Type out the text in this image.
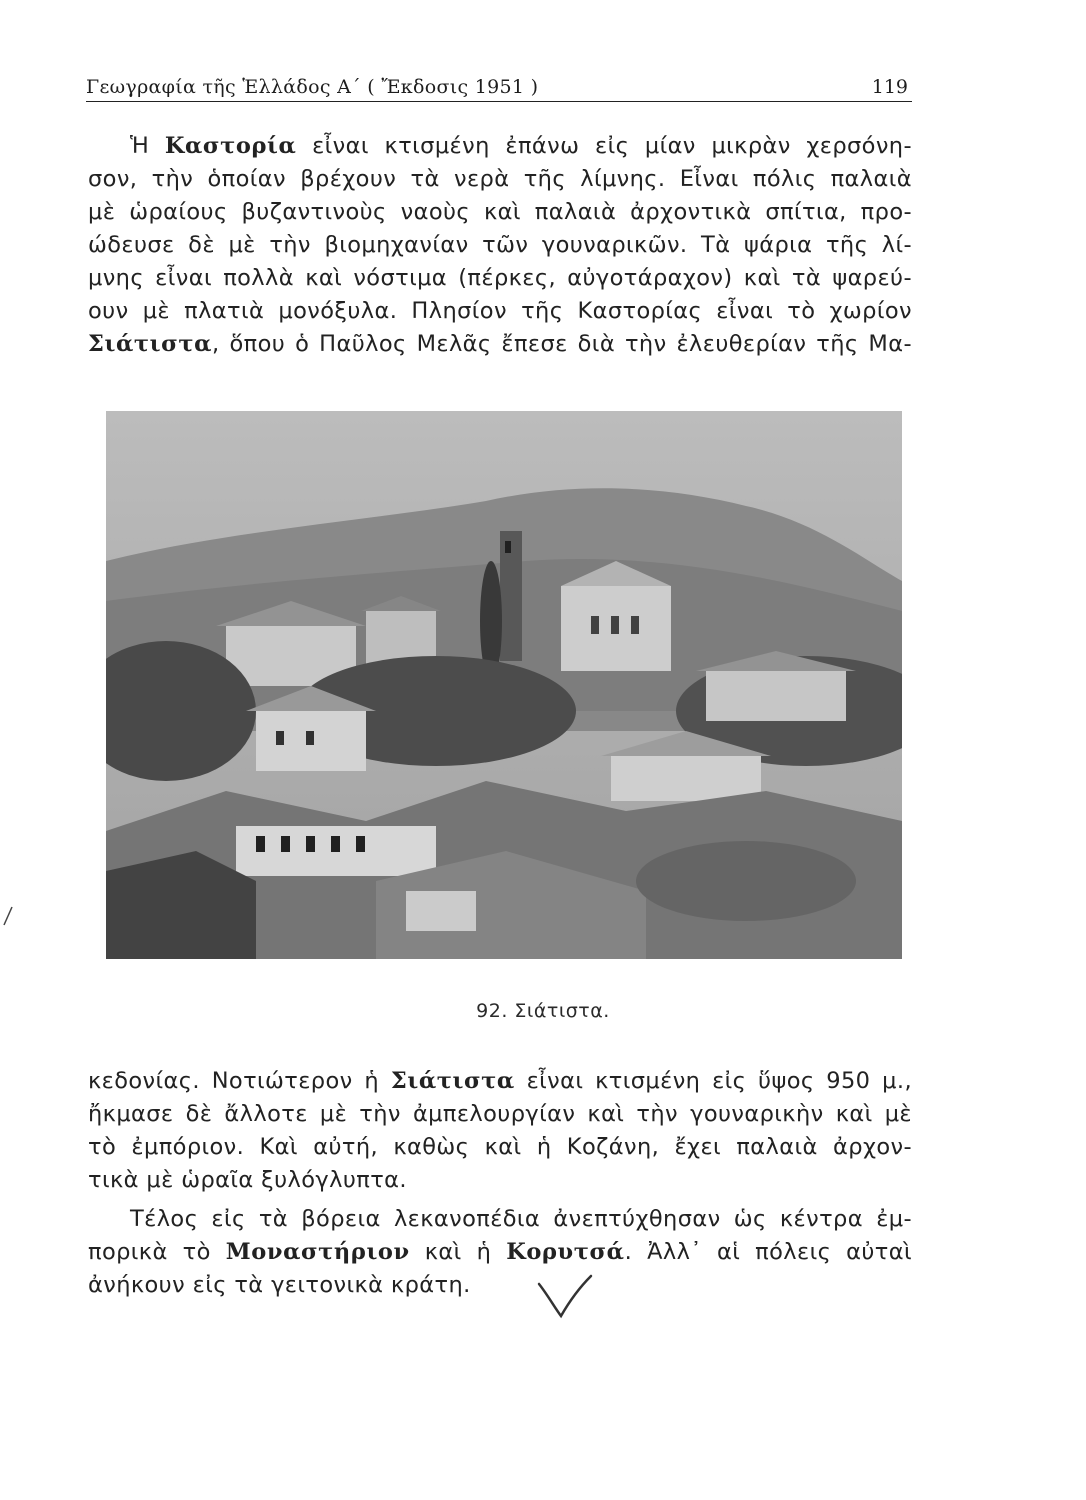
Γεωγραφία τῆς Ἑλλάδος Α΄ ( Ἔκδοσις 1951 )	119
Ἡ Καστορία εἶναι κτισμένη ἐπάνω εἰς μίαν μικρὰν χερσόνη-
σον, τὴν ὁποίαν βρέχουν τὰ νερὰ τῆς λίμνης. Εἶναι πόλις παλαιὰ
μὲ ὡραίους βυζαντινοὺς ναοὺς καὶ παλαιὰ ἀρχοντικὰ σπίτια, προ-
ώδευσε δὲ μὲ τὴν βιομηχανίαν τῶν γουναρικῶν. Τὰ ψάρια τῆς λί-
μνης εἶναι πολλὰ καὶ νόστιμα (πέρκες, αὐγοτάραχον) καὶ τὰ ψαρεύ-
ουν μὲ πλατιὰ μονόξυλα. Πλησίον τῆς Καστορίας εἶναι τὸ χωρίον
Σιάτιστα, ὅπου ὁ Παῦλος Μελᾶς ἔπεσε διὰ τὴν ἐλευθερίαν τῆς Μα-
92. Σιάτιστα.
κεδονίας. Νοτιώτερον ἡ Σιάτιστα εἶναι κτισμένη εἰς ὕψος 950 μ.,
ἤκμασε δὲ ἄλλοτε μὲ τὴν ἀμπελουργίαν καὶ τὴν γουναρικὴν καὶ μὲ
τὸ ἐμπόριον. Καὶ αὐτή, καθὼς καὶ ἡ Κοζάνη, ἔχει παλαιὰ ἀρχον-
τικὰ μὲ ὡραῖα ξυλόγλυπτα.
Τέλος εἰς τὰ βόρεια λεκανοπέδια ἀνεπτύχθησαν ὡς κέντρα ἐμ-
πορικὰ τὸ Μοναστήριον καὶ ἡ Κορυτσά. Ἀλλ᾽ αἱ πόλεις αὐταὶ
ἀνήκουν εἰς τὰ γειτονικὰ κράτη.
